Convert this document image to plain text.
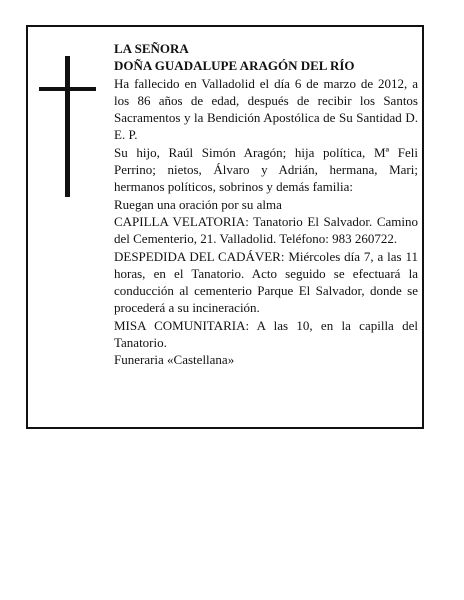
LA SEÑORA

DOÑA GUADALUPE ARAGÓN DEL RÍO

Ha fallecido en Valladolid el día 6 de marzo de 2012, a los 86 años de edad, después de recibir los Santos Sacramentos y la Bendición Apostólica de Su Santidad D. E. P.

Su hijo, Raúl Simón Aragón; hija política, Mª Feli Perrino; nietos, Álvaro y Adrián, hermana, Mari; hermanos políticos, sobrinos y demás familia:

Ruegan una oración por su alma

CAPILLA VELATORIA: Tanatorio El Salvador. Camino del Cementerio, 21. Valladolid. Teléfono: 983 260722.

DESPEDIDA DEL CADÁVER: Miércoles día 7, a las 11 horas, en el Tanatorio. Acto seguido se efectuará la conducción al cementerio Parque El Salvador, donde se procederá a su incineración.

MISA COMUNITARIA: A las 10, en la capilla del Tanatorio.

Funeraria «Castellana»
